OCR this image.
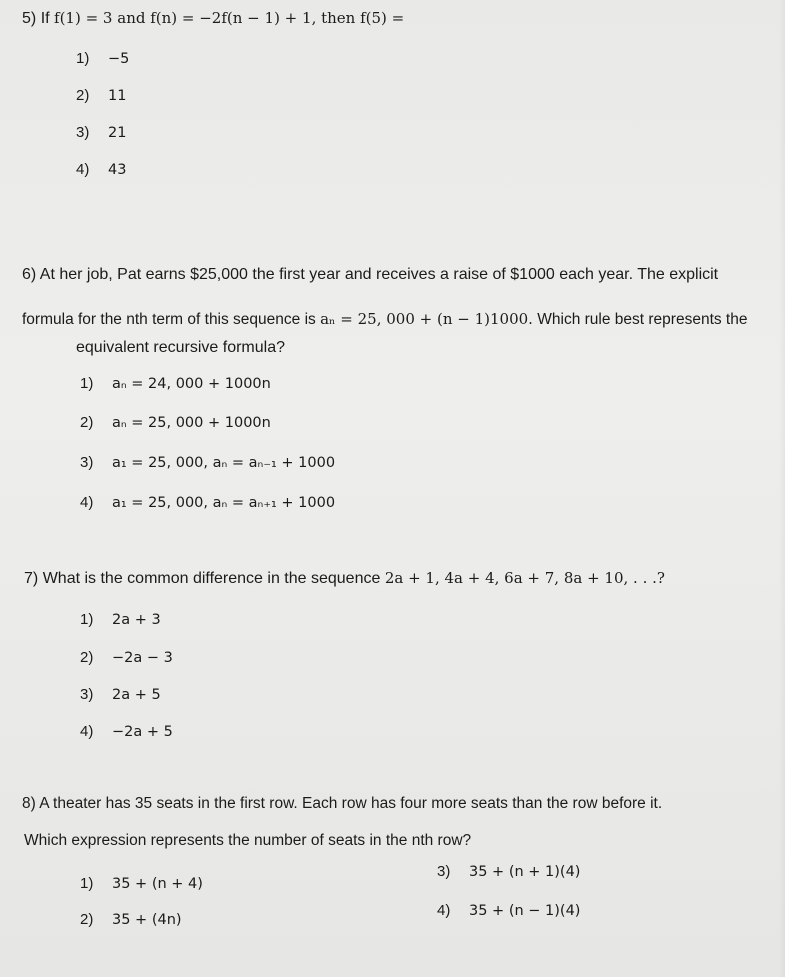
5) If f(1) = 3 and f(n) = −2f(n − 1) + 1, then f(5) =
1) −5
2) 11
3) 21
4) 43
6) At her job, Pat earns $25,000 the first year and receives a raise of $1000 each year. The explicit
formula for the nth term of this sequence is aₙ = 25, 000 + (n − 1)1000. Which rule best represents the
equivalent recursive formula?
1) aₙ = 24, 000 + 1000n
2) aₙ = 25, 000 + 1000n
3) a₁ = 25, 000, aₙ = aₙ₋₁ + 1000
4) a₁ = 25, 000, aₙ = aₙ₊₁ + 1000
7) What is the common difference in the sequence 2a + 1, 4a + 4, 6a + 7, 8a + 10, . . .?
1) 2a + 3
2) −2a − 3
3) 2a + 5
4) −2a + 5
8) A theater has 35 seats in the first row. Each row has four more seats than the row before it.
Which expression represents the number of seats in the nth row?
1) 35 + (n + 4)
2) 35 + (4n)
3) 35 + (n + 1)(4)
4) 35 + (n − 1)(4)
